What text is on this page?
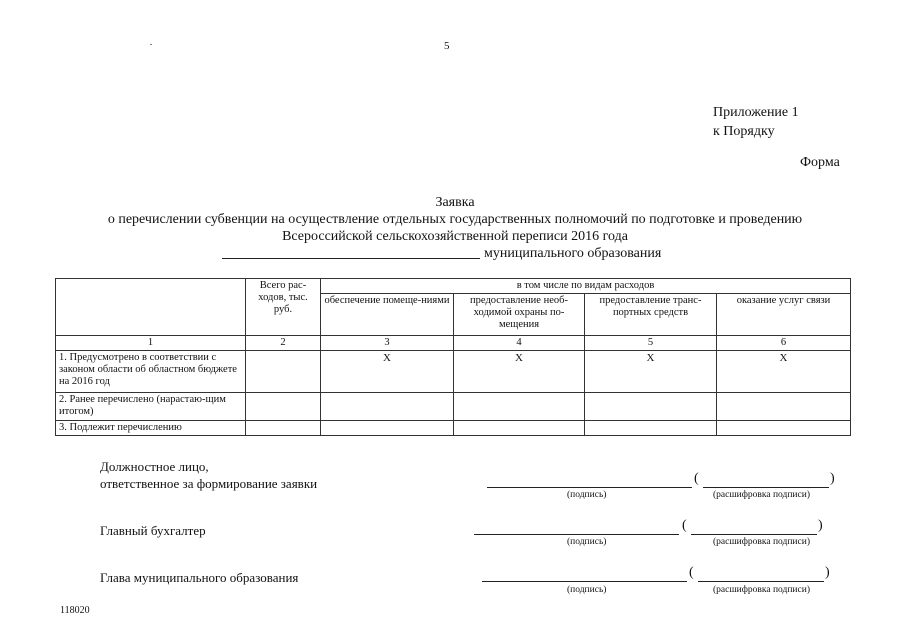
5
Приложение 1
к Порядку
Форма
Заявка
о перечислении субвенции на осуществление отдельных государственных полномочий по подготовке и проведению
Всероссийской сельскохозяйственной переписи 2016 года
муниципального образования
	Всего рас-ходов, тыс. руб.	в том числе по видам расходов			
		обеспечение помеще-ниями	предоставление необ-ходимой охраны по-мещения	предоставление транс-портных средств	оказание услуг связи
1	2	3	4	5	6
1. Предусмотрено в соответствии с законом области об областном бюджете на 2016 год		X	X	X	X
2. Ранее перечислено (нарастаю-щим итогом)					
3. Подлежит перечислению					
Должностное лицо,
ответственное за формирование заявки	(	)
(подпись)	(расшифровка подписи)
Главный бухгалтер	(	)
(подпись)	(расшифровка подписи)
Глава муниципального образования	(	)
(подпись)	(расшифровка подписи)
118020
